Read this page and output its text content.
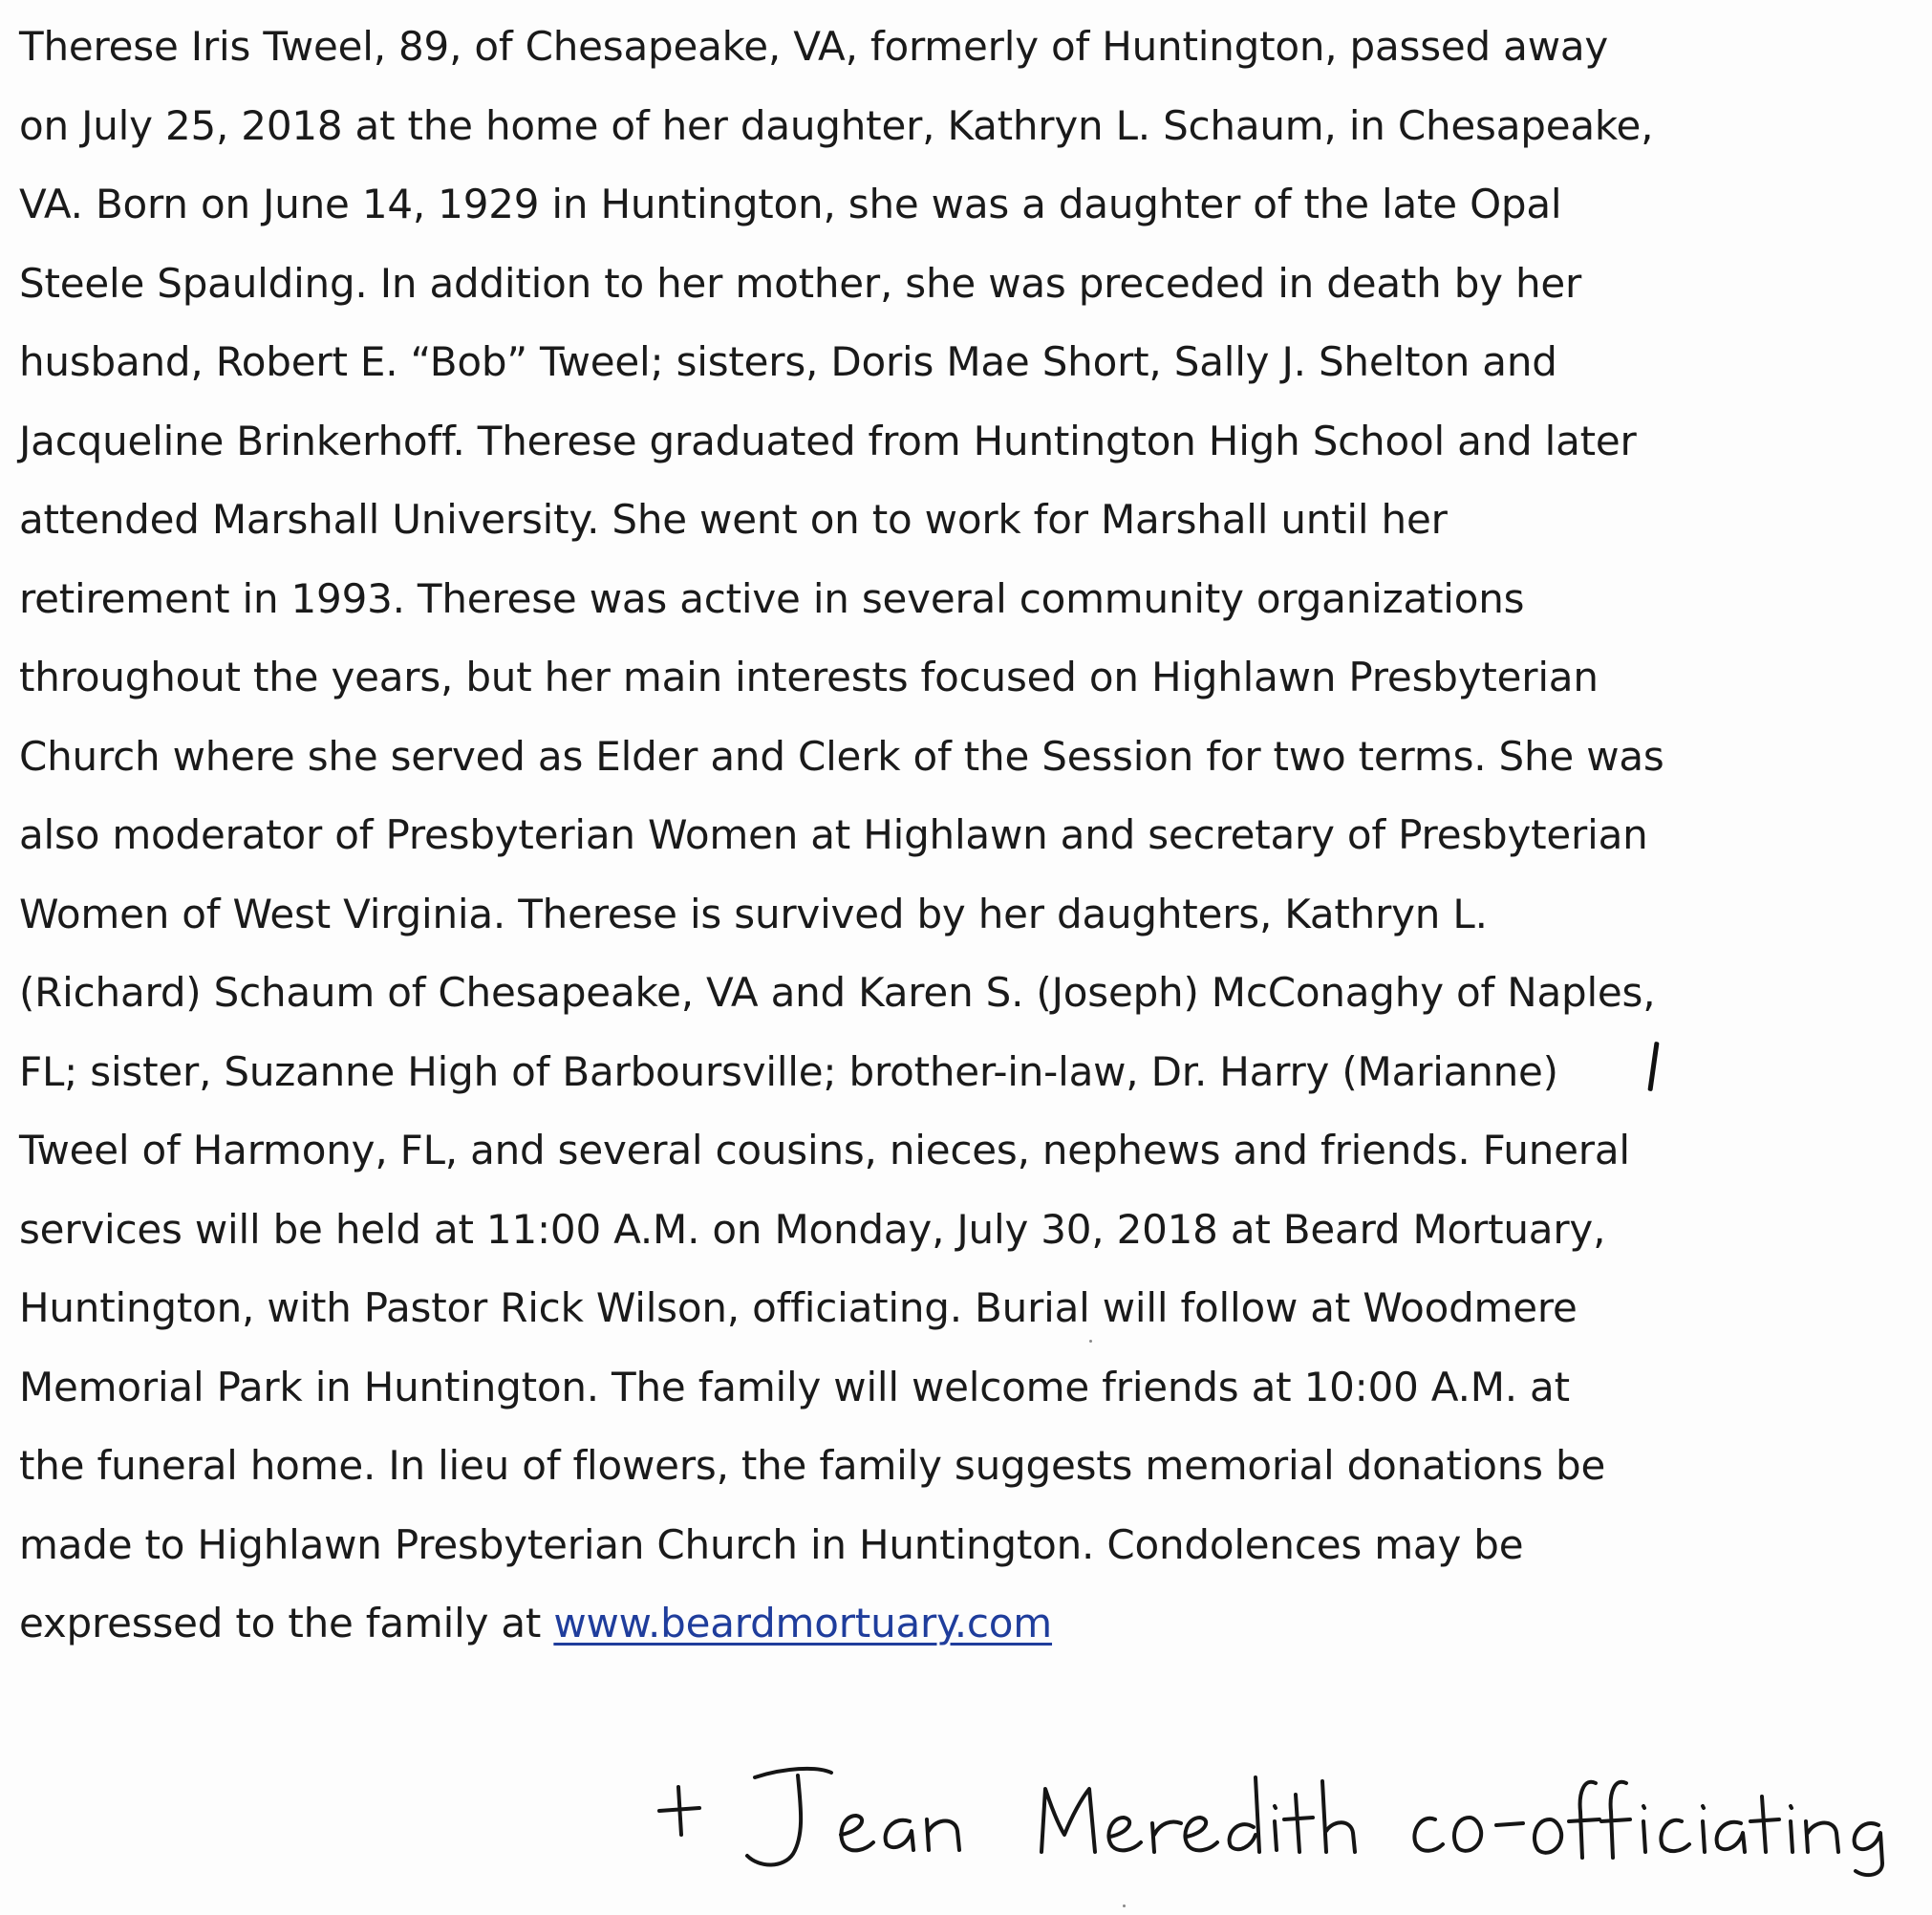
Therese Iris Tweel, 89, of Chesapeake, VA, formerly of Huntington, passed away
on July 25, 2018 at the home of her daughter, Kathryn L. Schaum, in Chesapeake,
VA. Born on June 14, 1929 in Huntington, she was a daughter of the late Opal
Steele Spaulding. In addition to her mother, she was preceded in death by her
husband, Robert E. “Bob” Tweel; sisters, Doris Mae Short, Sally J. Shelton and
Jacqueline Brinkerhoff. Therese graduated from Huntington High School and later
attended Marshall University. She went on to work for Marshall until her
retirement in 1993. Therese was active in several community organizations
throughout the years, but her main interests focused on Highlawn Presbyterian
Church where she served as Elder and Clerk of the Session for two terms. She was
also moderator of Presbyterian Women at Highlawn and secretary of Presbyterian
Women of West Virginia. Therese is survived by her daughters, Kathryn L.
(Richard) Schaum of Chesapeake, VA and Karen S. (Joseph) McConaghy of Naples,
FL; sister, Suzanne High of Barboursville; brother-in-law, Dr. Harry (Marianne)
Tweel of Harmony, FL, and several cousins, nieces, nephews and friends. Funeral
services will be held at 11:00 A.M. on Monday, July 30, 2018 at Beard Mortuary,
Huntington, with Pastor Rick Wilson, officiating. Burial will follow at Woodmere
Memorial Park in Huntington. The family will welcome friends at 10:00 A.M. at
the funeral home. In lieu of flowers, the family suggests memorial donations be
made to Highlawn Presbyterian Church in Huntington. Condolences may be
expressed to the family at www.beardmortuary.com
